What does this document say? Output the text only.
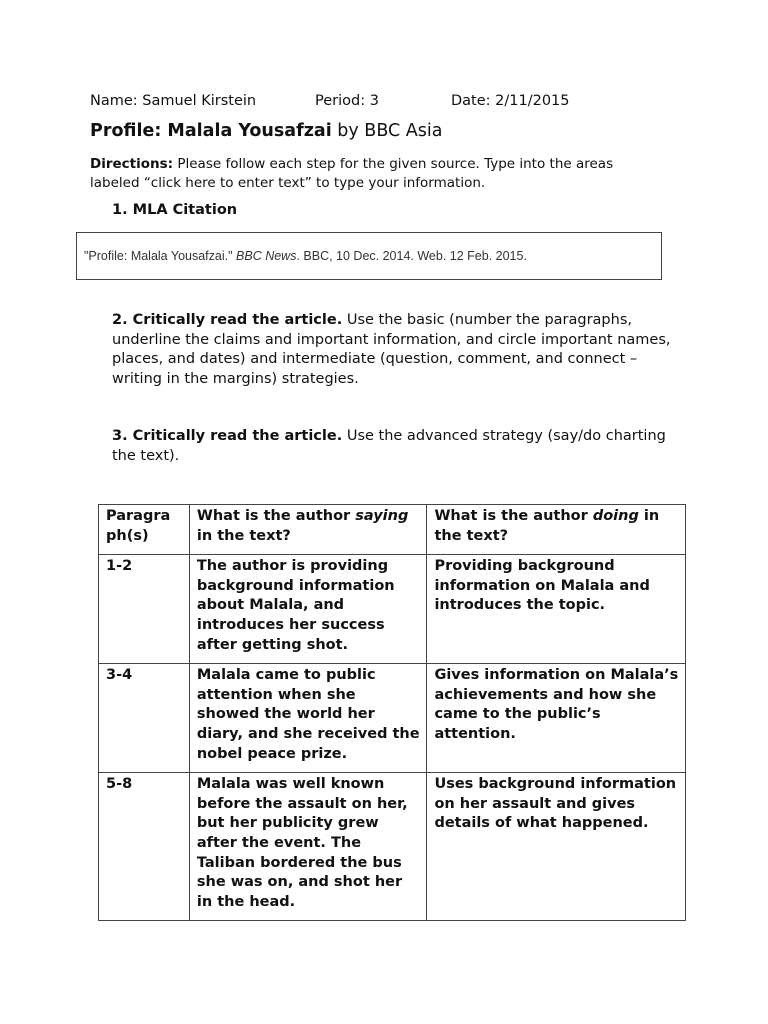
Name: Samuel Kirstein	Period: 3	Date: 2/11/2015
Profile: Malala Yousafzai by BBC Asia
Directions: Please follow each step for the given source. Type into the areas labeled “click here to enter text” to type your information.
1. MLA Citation
"Profile: Malala Yousafzai." BBC News. BBC, 10 Dec. 2014. Web. 12 Feb. 2015.
2. Critically read the article. Use the basic (number the paragraphs, underline the claims and important information, and circle important names, places, and dates) and intermediate (question, comment, and connect – writing in the margins) strategies.
3. Critically read the article. Use the advanced strategy (say/do charting the text).
Paragra ph(s)	What is the author saying in the text?	What is the author doing in the text?
1-2	The author is providing background information about Malala, and introduces her success after getting shot.	Providing background information on Malala and introduces the topic.
3-4	Malala came to public attention when she showed the world her diary, and she received the nobel peace prize.	Gives information on Malala’s achievements and how she came to the public’s attention.
5-8	Malala was well known before the assault on her, but her publicity grew after the event. The Taliban bordered the bus she was on, and shot her in the head.	Uses background information on her assault and gives details of what happened.
